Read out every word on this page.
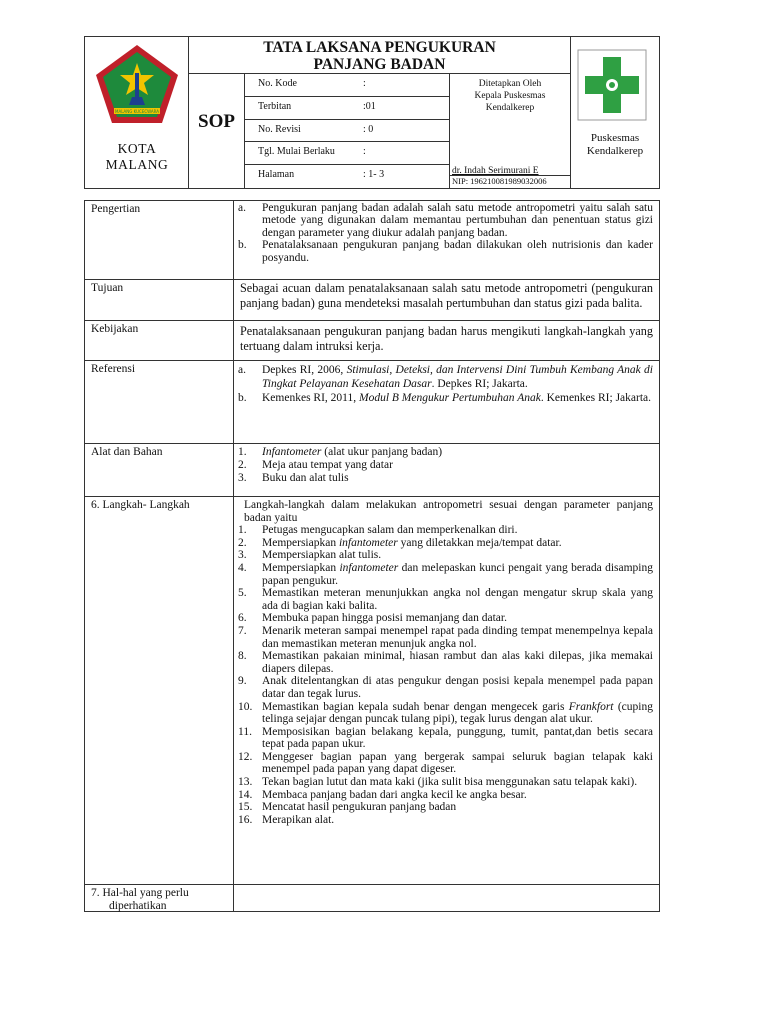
MALANG KUCECWARA
KOTA
MALANG
TATA LAKSANA PENGUKURAN
PANJANG BADAN
SOP
No. Kode	:
Terbitan	:01
No. Revisi	: 0
Tgl. Mulai Berlaku	:
Halaman	: 1- 3
Ditetapkan Oleh
Kepala Puskesmas
Kendalkerep
dr. Indah Serimurani E
NIP: 196210081989032006
Puskesmas
Kendalkerep
Pengertian	a.	Pengukuran panjang badan adalah salah satu metode antropometri yaitu salah satu metode yang digunakan dalam memantau pertumbuhan dan penentuan status gizi dengan parameter yang diukur adalah panjang badan.
b.	Penatalaksanaan pengukuran panjang badan dilakukan oleh nutrisionis dan kader posyandu.
Tujuan	Sebagai acuan dalam penatalaksanaan salah satu metode antropometri (pengukuran panjang badan) guna mendeteksi masalah pertumbuhan dan status gizi pada balita.
Kebijakan	Penatalaksanaan pengukuran panjang badan harus mengikuti langkah-langkah yang tertuang dalam intruksi kerja.
Referensi	a.	Depkes RI, 2006, Stimulasi, Deteksi, dan Intervensi Dini Tumbuh Kembang Anak di Tingkat Pelayanan Kesehatan Dasar. Depkes RI; Jakarta.
b.	Kemenkes RI, 2011, Modul B Mengukur Pertumbuhan Anak. Kemenkes RI; Jakarta.
Alat dan Bahan	1.	Infantometer (alat ukur panjang badan)
2.	Meja atau tempat yang datar
3.	Buku dan alat tulis
6. Langkah- Langkah	Langkah-langkah dalam melakukan antropometri sesuai dengan parameter panjang badan yaitu
1.	Petugas mengucapkan salam dan memperkenalkan diri.
2.	Mempersiapkan infantometer yang diletakkan meja/tempat datar.
3.	Mempersiapkan alat tulis.
4.	Mempersiapkan infantometer dan melepaskan kunci pengait yang berada disamping papan pengukur.
5.	Memastikan meteran menunjukkan angka nol dengan mengatur skrup skala yang ada di bagian kaki balita.
6.	Membuka papan hingga posisi memanjang dan datar.
7.	Menarik meteran sampai menempel rapat pada dinding tempat menempelnya kepala dan memastikan meteran menunjuk angka nol.
8.	Memastikan pakaian minimal, hiasan rambut dan alas kaki dilepas, jika memakai diapers dilepas.
9.	Anak ditelentangkan di atas pengukur dengan posisi kepala menempel pada papan datar dan tegak lurus.
10. Memastikan bagian kepala sudah benar dengan mengecek garis Frankfort (cuping telinga sejajar dengan puncak tulang pipi), tegak lurus dengan alat ukur.
11. Memposisikan bagian belakang kepala, punggung, tumit, pantat,dan betis secara tepat pada papan ukur.
12. Menggeser bagian papan yang bergerak sampai seluruk bagian telapak kaki menempel pada papan yang dapat digeser.
13. Tekan bagian lutut dan mata kaki (jika sulit bisa menggunakan satu telapak kaki).
14. Membaca panjang badan dari angka kecil ke angka besar.
15. Mencatat hasil pengukuran panjang badan
16. Merapikan alat.
7. Hal-hal yang perlu
diperhatikan
